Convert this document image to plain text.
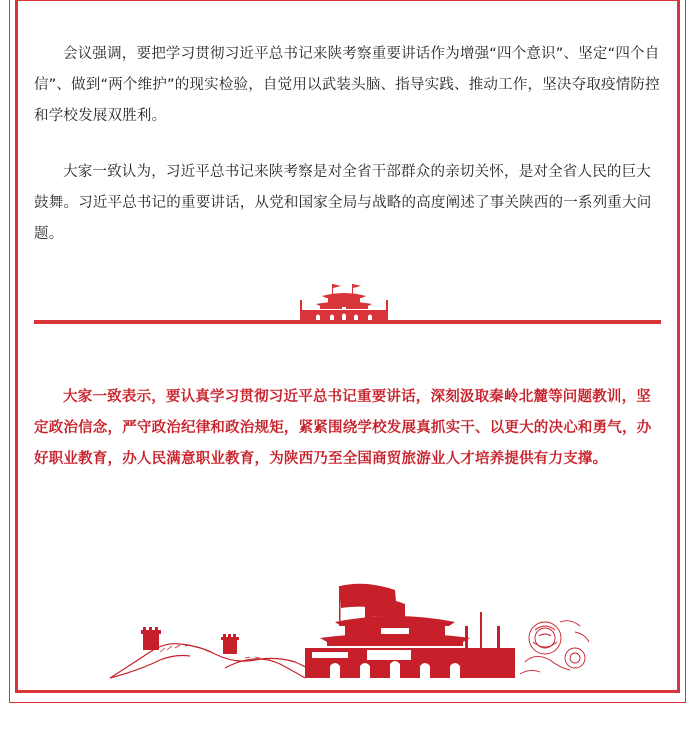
会议强调，要把学习贯彻习近平总书记来陕考察重要讲话作为增强“四个意识”、坚定“四个自信”、做到“两个维护”的现实检验，自觉用以武装头脑、指导实践、推动工作，坚决夺取疫情防控和学校发展双胜利。

大家一致认为，习近平总书记来陕考察是对全省干部群众的亲切关怀，是对全省人民的巨大鼓舞。习近平总书记的重要讲话，从党和国家全局与战略的高度阐述了事关陕西的一系列重大问题。

大家一致表示，要认真学习贯彻习近平总书记重要讲话，深刻汲取秦岭北麓等问题教训，坚定政治信念，严守政治纪律和政治规矩，紧紧围绕学校发展真抓实干、以更大的决心和勇气，办好职业教育，办人民满意职业教育，为陕西乃至全国商贸旅游业人才培养提供有力支撑。
